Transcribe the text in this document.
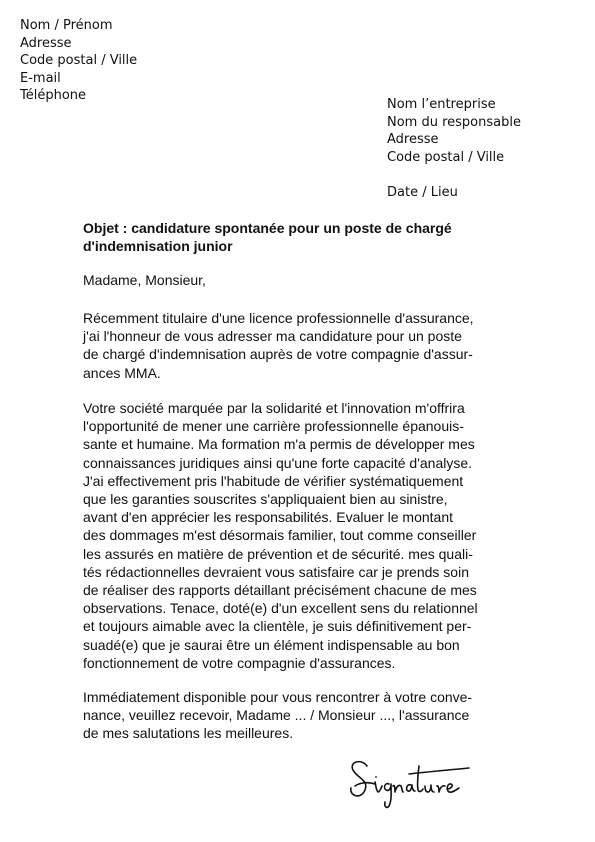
Nom / Prénom
Adresse
Code postal / Ville
E-mail
Téléphone
Nom l’entreprise
Nom du responsable
Adresse
Code postal / Ville
Date / Lieu
Objet : candidature spontanée pour un poste de chargé
d'indemnisation junior
Madame, Monsieur,
Récemment titulaire d'une licence professionnelle d'assurance,
j'ai l'honneur de vous adresser ma candidature pour un poste
de chargé d'indemnisation auprès de votre compagnie d'assur-
ances MMA.
Votre société marquée par la solidarité et l'innovation m'offrira
l'opportunité de mener une carrière professionnelle épanouis-
sante et humaine. Ma formation m'a permis de développer mes
connaissances juridiques ainsi qu'une forte capacité d'analyse.
J'ai effectivement pris l'habitude de vérifier systématiquement
que les garanties souscrites s'appliquaient bien au sinistre,
avant d'en apprécier les responsabilités. Evaluer le montant
des dommages m'est désormais familier, tout comme conseiller
les assurés en matière de prévention et de sécurité. mes quali-
tés rédactionnelles devraient vous satisfaire car je prends soin
de réaliser des rapports détaillant précisément chacune de mes
observations. Tenace, doté(e) d'un excellent sens du relationnel
et toujours aimable avec la clientèle, je suis définitivement per-
suadé(e) que je saurai être un élément indispensable au bon
fonctionnement de votre compagnie d'assurances.
Immédiatement disponible pour vous rencontrer à votre conve-
nance, veuillez recevoir, Madame ... / Monsieur ..., l'assurance
de mes salutations les meilleures.
